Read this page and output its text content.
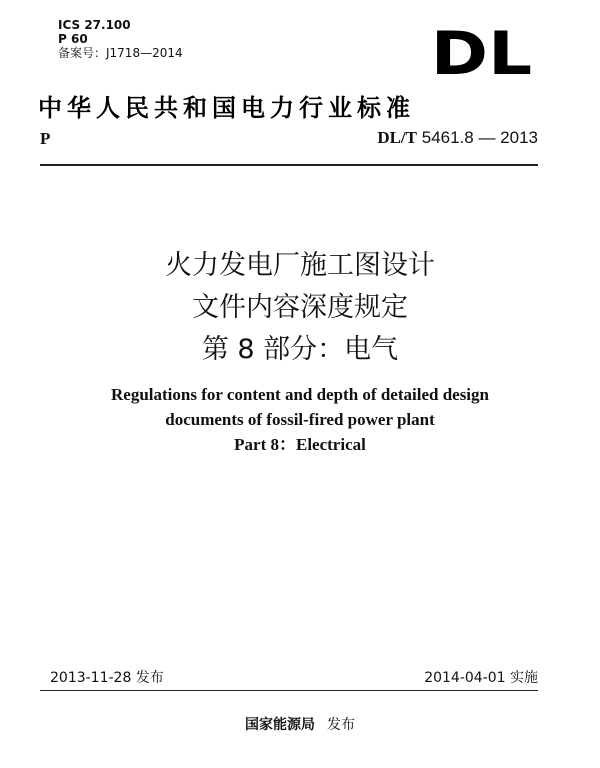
ICS 27.100
P 60
备案号：J1718—2014	DL
中华人民共和国电力行业标准
P	DL/T 5461.8 — 2013
火力发电厂施工图设计
文件内容深度规定
第 8 部分：电气
Regulations for content and depth of detailed design
documents of fossil-fired power plant
Part 8：Electrical
2013-11-28 发布	2014-04-01 实施
国家能源局 发布
